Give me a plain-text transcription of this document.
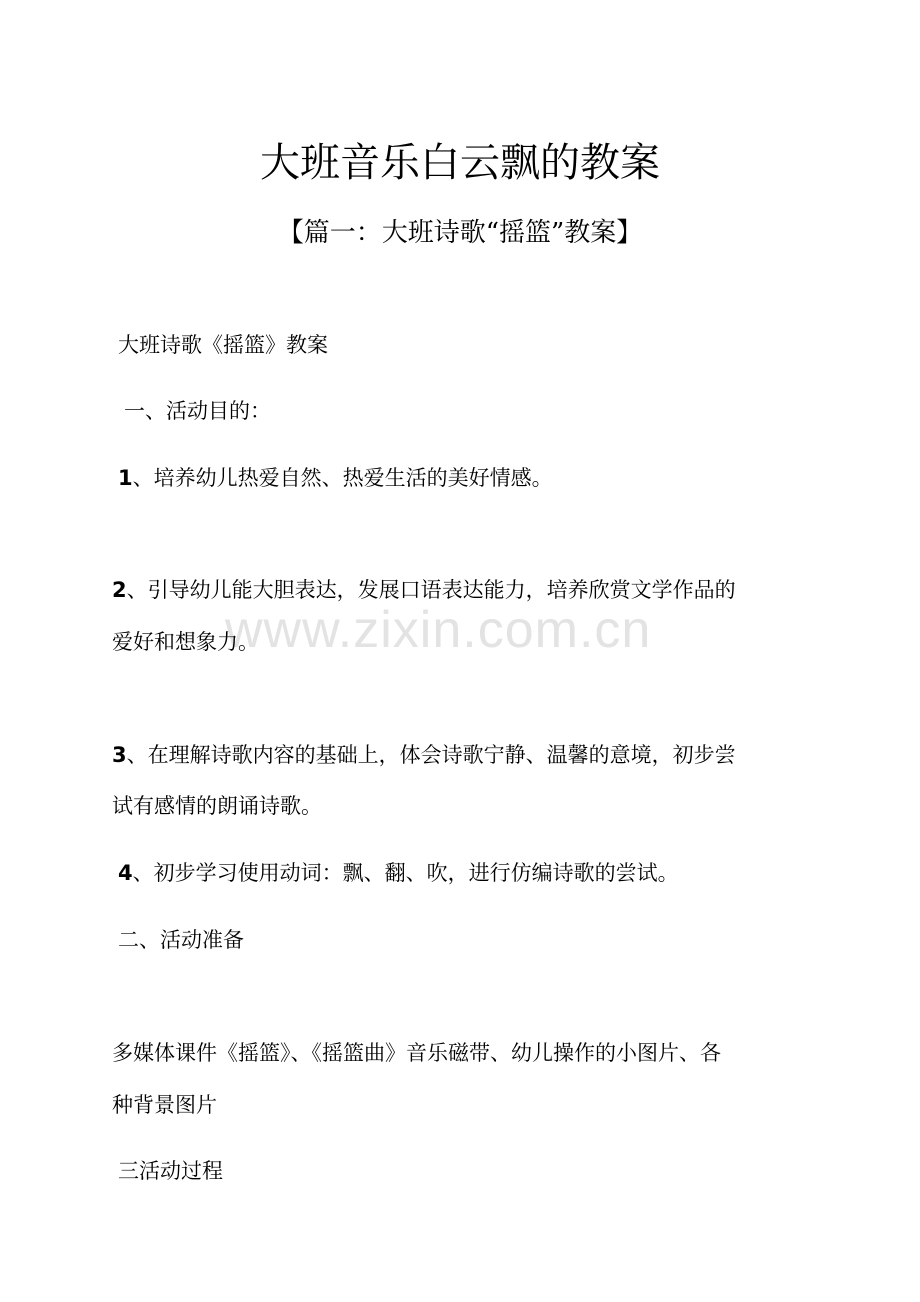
www.zixin.com.cn
大班音乐白云飘的教案
【篇一：大班诗歌“摇篮”教案】

大班诗歌《摇篮》教案

一、活动目的：

1、培养幼儿热爱自然、热爱生活的美好情感。

2、引导幼儿能大胆表达，发展口语表达能力，培养欣赏文学作品的

爱好和想象力。

3、在理解诗歌内容的基础上，体会诗歌宁静、温馨的意境，初步尝

试有感情的朗诵诗歌。

4、初步学习使用动词：飘、翻、吹，进行仿编诗歌的尝试。

二、活动准备

多媒体课件《摇篮》、《摇篮曲》音乐磁带、幼儿操作的小图片、各

种背景图片

三活动过程
